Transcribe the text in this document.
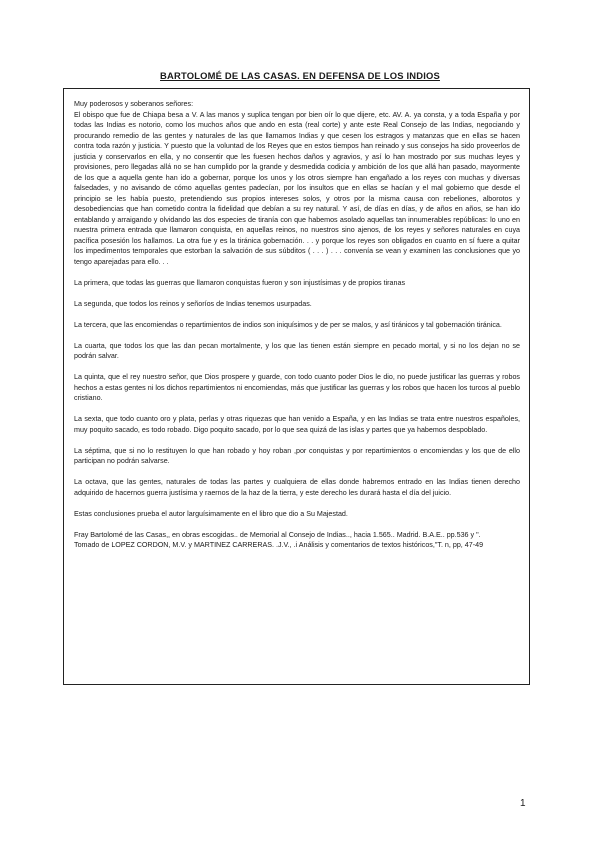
BARTOLOMÉ DE LAS CASAS. EN DEFENSA DE LOS INDIOS

Muy poderosos y soberanos señores:

El obispo que fue de Chiapa besa a V. A las manos y suplica tengan por bien oír lo que dijere, etc. AV. A. ya consta, y a toda España y por todas las Indias es notorio, como los muchos años que ando en esta (real corte) y ante este Real Consejo de las Indias, negociando y procurando remedio de las gentes y naturales de las que llamamos Indias y que cesen los estragos y matanzas que en ellas se hacen contra toda razón y justicia. Y puesto que la voluntad de los Reyes que en estos tiempos han reinado y sus consejos ha sido proveerlos de justicia y conservarlos en ella, y no consentir que les fuesen hechos daños y agravios, y así lo han mostrado por sus muchas leyes y provisiones, pero llegadas allá no se han cumplido por la grande y desmedida codicia y ambición de los que allá han pasado, mayormente de los que a aquella gente han ido a gobernar, porque los unos y los otros siempre han engañado a los reyes con muchas y diversas falsedades, y no avisando de cómo aquellas gentes padecían, por los insultos que en ellas se hacían y el mal gobierno que desde el principio se les había puesto, pretendiendo sus propios intereses solos, y otros por la misma causa con rebeliones, alborotos y desobediencias que han cometido contra la fidelidad que debían a su rey natural. Y así, de días en días, y de años en años, se han ido entablando y arraigando y olvidando las dos especies de tiranía con que habemos asolado aquellas tan innumerables repúblicas: lo uno en nuestra primera entrada que llamaron conquista, en aquellas reinos, no nuestros sino ajenos, de los reyes y señores naturales en cuya pacífica posesión los hallamos. La otra fue y es la tiránica gobernación. . . y porque los reyes son obligados en cuanto en sí fuere a quitar los impedimentos temporales que estorban la salvación de sus súbditos ( . . . ) . . . convenía se vean y examinen las conclusiones que yo tengo aparejadas para ello. . .

La primera, que todas las guerras que llamaron conquistas fueron y son injustísimas y de propios tiranas

La segunda, que todos los reinos y señoríos de Indias tenemos usurpadas.

La tercera, que las encomiendas o repartimientos de indios son iniquísimos y de per se malos, y así tiránicos y tal gobernación tiránica.

La cuarta, que todos los que las dan pecan mortalmente, y los que las tienen están siempre en pecado mortal, y si no los dejan no se podrán salvar.

La quinta, que el rey nuestro señor, que Dios prospere y guarde, con todo cuanto poder Dios le dio, no puede justificar las guerras y robos hechos a estas gentes ni los dichos repartimientos ni encomiendas, más que justificar las guerras y los robos que hacen los turcos al pueblo cristiano.

La sexta, que todo cuanto oro y plata, perlas y otras riquezas que han venido a España, y en las Indias se trata entre nuestros españoles, muy poquito sacado, es todo robado. Digo poquito sacado, por lo que sea quizá de las islas y partes que ya habemos despoblado.

La séptima, que si no lo restituyen lo que han robado y hoy roban ,por conquistas y por repartimientos o encomiendas y los que de ello participan no podrán salvarse.

La octava, que las gentes, naturales de todas las partes y cualquiera de ellas donde habremos entrado en las Indias tienen derecho adquirido de hacernos guerra justísima y raernos de la haz de la tierra, y este derecho les durará hasta el día del juicio.

Estas conclusiones prueba el autor larguísimamente en el libro que dio a Su Majestad.

Fray Bartolomé de las Casas,, en obras escogidas.. de Memorial al Consejo de Indias.., hacia 1.565.. Madrid. B.A.E.. pp.536 y ".

Tomado de LOPEZ CORDON, M.V. y MARTINEZ CARRERAS. .J.V., .i Análisis y comentarios de textos históricos,"T. n, pp, 47-49

1
